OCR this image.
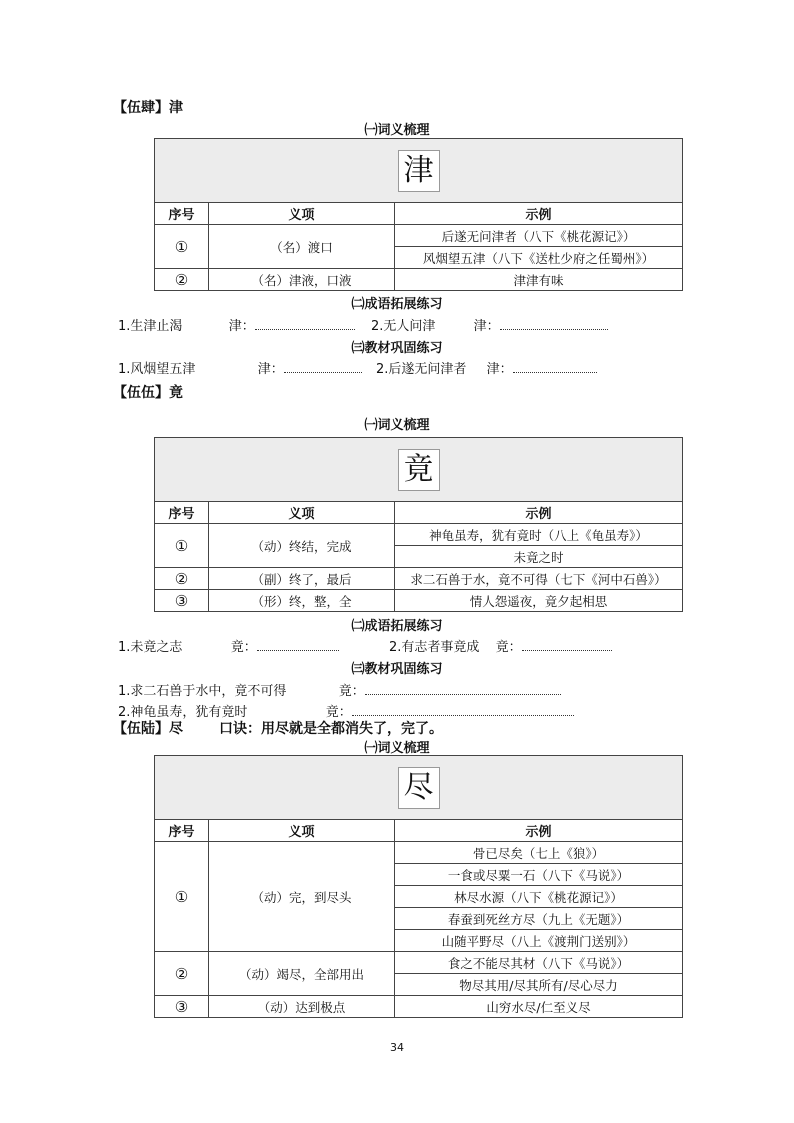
【伍肆】津
㈠词义梳理
津		
序号	义项	示例
①	（名）渡口	后遂无问津者（八下《桃花源记》）
		风烟望五津（八下《送杜少府之任蜀州》）
②	（名）津液，口液	津津有味
㈡成语拓展练习
1.生津止渴	津：	2.无人问津	津：
㈢教材巩固练习
1.风烟望五津	津：	2.后遂无问津者 津：
【伍伍】竟
㈠词义梳理
竟		
序号	义项	示例
①	（动）终结，完成	神龟虽寿，犹有竟时（八上《龟虽寿》）
		未竟之时
②	（副）终了，最后	求二石兽于水，竟不可得（七下《河中石兽》）
③	（形）终，整，全	情人怨遥夜，竟夕起相思
㈡成语拓展练习
1.未竟之志	竟：	2.有志者事竟成 竟：
㈢教材巩固练习
1.求二石兽于水中，竟不可得	竟：
2.神龟虽寿，犹有竟时	竟：
【伍陆】尽	口诀：用尽就是全都消失了，完了。
㈠词义梳理
尽		
序号	义项	示例
①	（动）完，到尽头	骨已尽矣（七上《狼》）
		一食或尽粟一石（八下《马说》）
		林尽水源（八下《桃花源记》）
		春蚕到死丝方尽（九上《无题》）
		山随平野尽（八上《渡荆门送别》）
②	（动）竭尽，全部用出	食之不能尽其材（八下《马说》）
		物尽其用/尽其所有/尽心尽力
③	（动）达到极点	山穷水尽/仁至义尽
34
